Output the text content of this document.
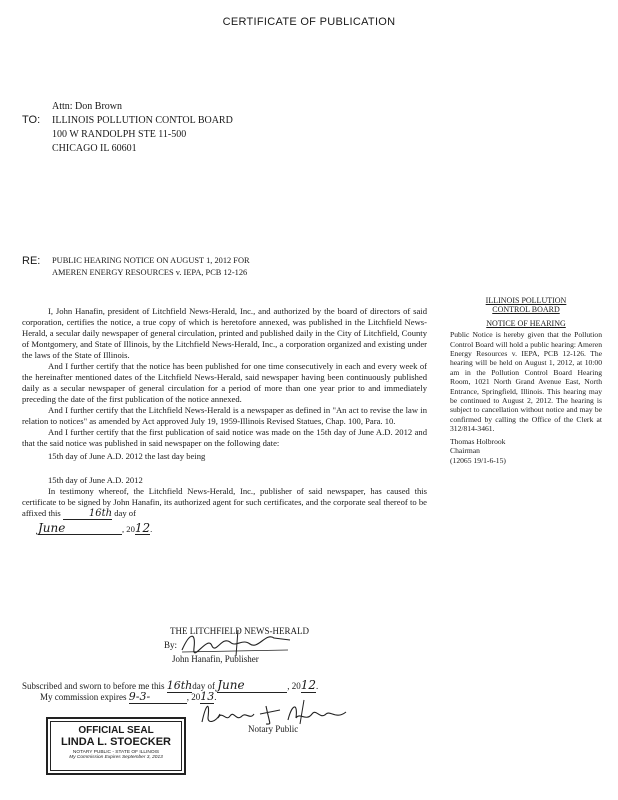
CERTIFICATE OF PUBLICATION
Attn: Don Brown
TO: ILLINOIS POLLUTION CONTOL BOARD
100 W RANDOLPH STE 11-500
CHICAGO IL 60601
RE: PUBLIC HEARING NOTICE ON AUGUST 1, 2012 FOR
AMEREN ENERGY RESOURCES v. IEPA, PCB 12-126
I, John Hanafin, president of Litchfield News-Herald, Inc., and authorized by the board of directors of said corporation, certifies the notice, a true copy of which is heretofore annexed, was published in the Litchfield News-Herald, a secular daily newspaper of general circulation, printed and published daily in the City of Litchfield, County of Montgomery, and State of Illinois, by the Litchfield News-Herald, Inc., a corporation organized and existing under the laws of the State of Illinois.
And I further certify that the notice has been published for one time consecutively in each and every week of the hereinafter mentioned dates of the Litchfield News-Herald, said newspaper having been continuously published daily as a secular newspaper of general circulation for a period of more than one year prior to and immediately preceding the date of the first publication of the notice annexed.
And I further certify that the Litchfield News-Herald is a newspaper as defined in "An act to revise the law in relation to notices" as amended by Act approved July 19, 1959-Illinois Revised Statues, Chap. 100, Para. 10.
And I further certify that the first publication of said notice was made on the 15th day of June A.D. 2012 and that the said notice was published in said newspaper on the following date:
15th day of June A.D. 2012 the last day being
15th day of June A.D. 2012
In testimony whereof, the Litchfield News-Herald, Inc., publisher of said newspaper, has caused this certificate to be signed by John Hanafin, its authorized agent for such certificates, and the corporate seal thereof to be affixed this	16th day of
June	, 2012.
ILLINOIS POLLUTION
CONTROL BOARD
NOTICE OF HEARING
Public Notice is hereby given that the Pollution Control Board will hold a public hearing: Ameren Energy Resources v. IEPA, PCB 12-126. The hearing will be held on August 1, 2012, at 10:00 am in the Pollution Control Board Hearing Room, 1021 North Grand Avenue East, North Entrance, Springfield, Illinois. This hearing may be continued to August 2, 2012. The hearing is subject to cancellation without notice and may be confirmed by calling the Office of the Clerk at 312/814-3461.
Thomas Holbrook
Chairman
(12065 19/1-6-15)
THE LITCHFIELD NEWS-HERALD
By:
John Hanafin, Publisher
Subscribed and sworn to before me this 16thday of June	, 2012.
My commission expires 9-3-	, 2013.
Notary Public
OFFICIAL SEAL
LINDA L. STOECKER
NOTARY PUBLIC - STATE OF ILLINOIS
My Commission Expires September 3, 2013
